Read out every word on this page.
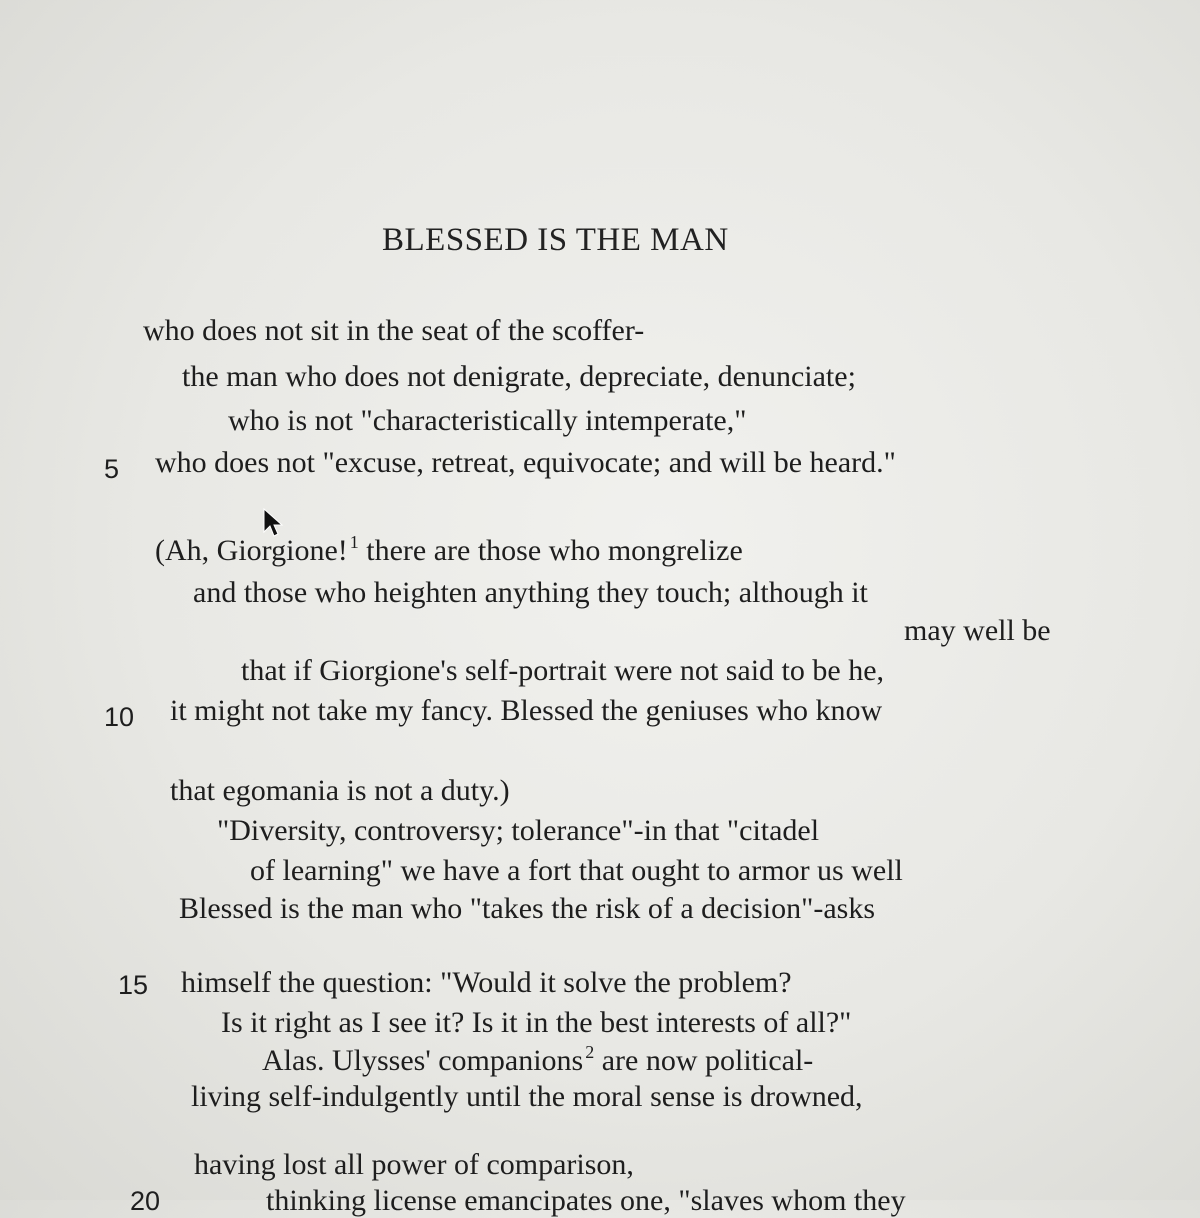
BLESSED IS THE MAN
who does not sit in the seat of the scoffer-
the man who does not denigrate, depreciate, denunciate;
who is not "characteristically intemperate,"
5 who does not "excuse, retreat, equivocate; and will be heard."
(Ah, Giorgione! $^1$ there are those who mongrelize
and those who heighten anything they touch; although it
may well be
that if Giorgione's self-portrait were not said to be he,
10 it might not take my fancy. Blessed the geniuses who know
that egomania is not a duty.)
"Diversity, controversy; tolerance"-in that "citadel
of learning" we have a fort that ought to armor us well
Blessed is the man who "takes the risk of a decision"-asks
15 himself the question: "Would it solve the problem?
Is it right as I see it? Is it in the best interests of all?"
Alas. Ulysses' companions $^2$ are now political-
living self-indulgently until the moral sense is drowned,
having lost all power of comparison,
20	thinking license emancipates one, "slaves whom they
